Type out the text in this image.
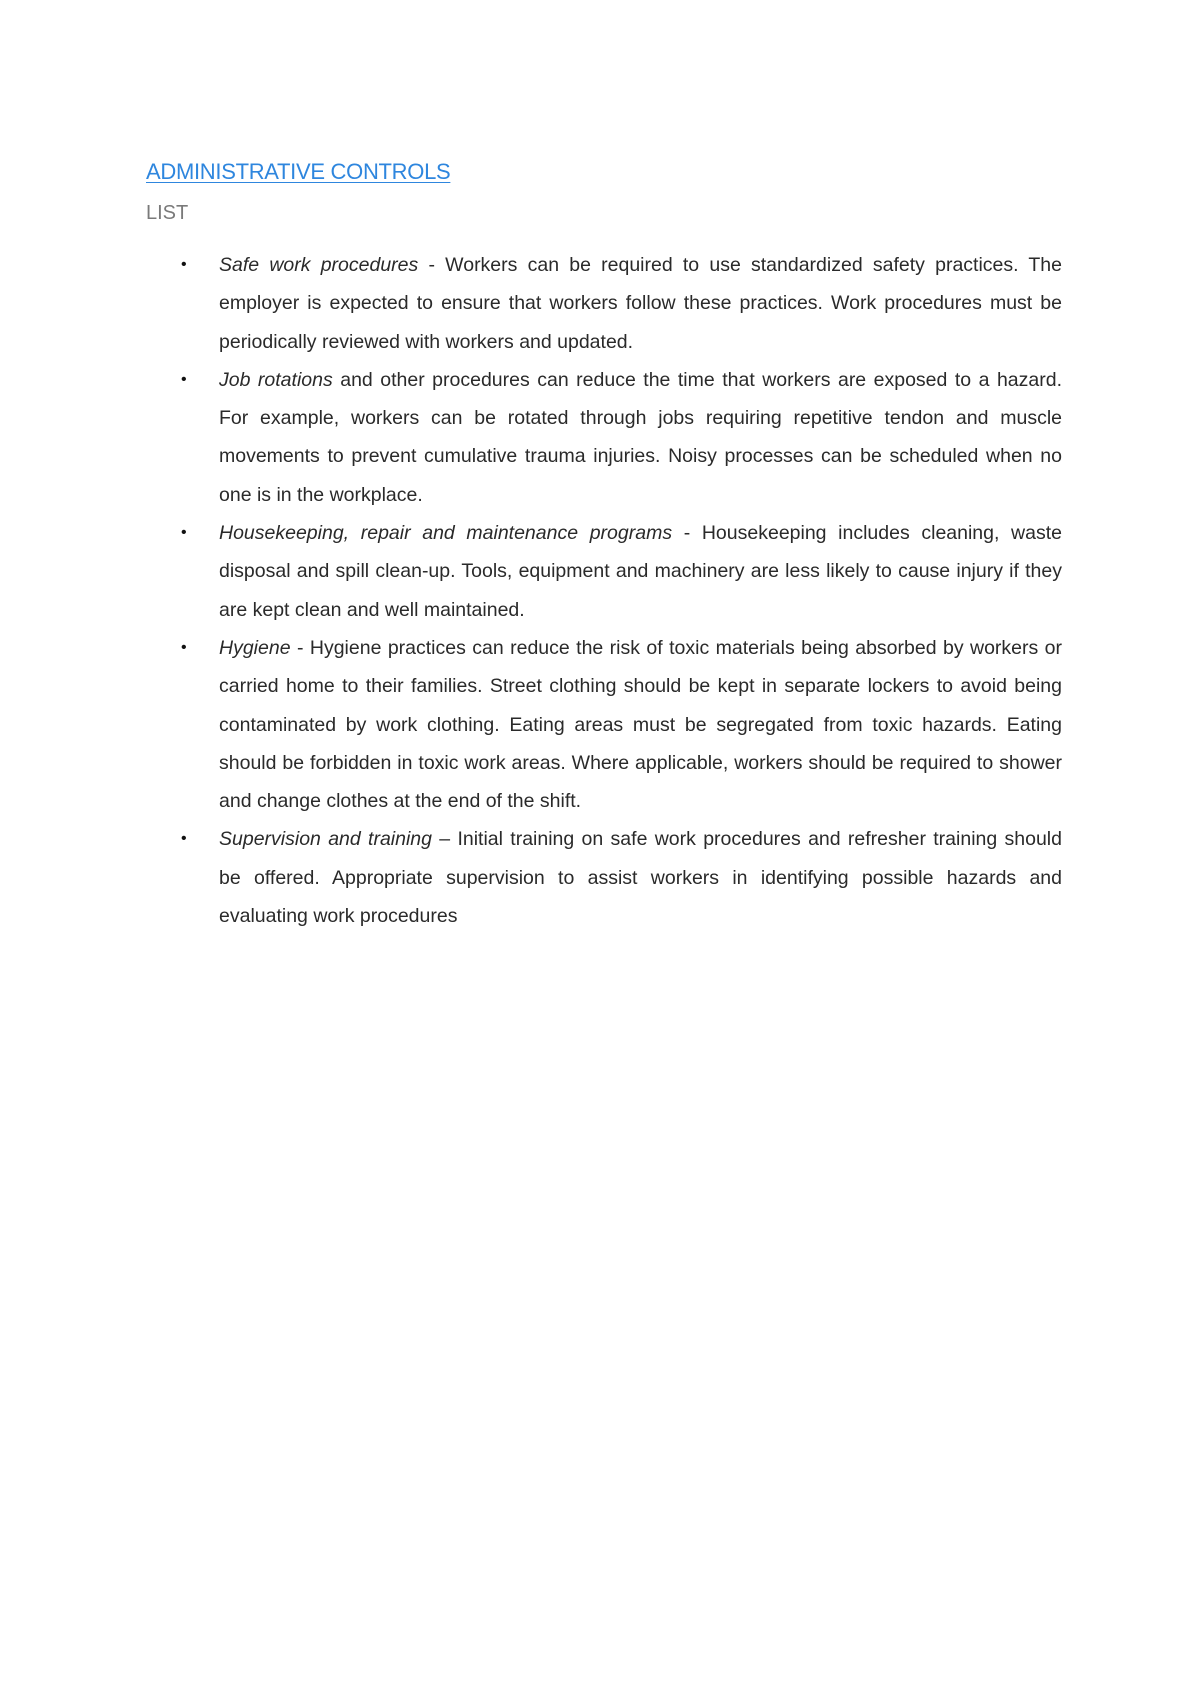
ADMINISTRATIVE CONTROLS
LIST
• Safe work procedures - Workers can be required to use standardized safety practices. The employer is expected to ensure that workers follow these practices. Work procedures must be periodically reviewed with workers and updated.
• Job rotations and other procedures can reduce the time that workers are exposed to a hazard. For example, workers can be rotated through jobs requiring repetitive tendon and muscle movements to prevent cumulative trauma injuries. Noisy processes can be scheduled when no one is in the workplace.
• Housekeeping, repair and maintenance programs - Housekeeping includes cleaning, waste disposal and spill clean-up. Tools, equipment and machinery are less likely to cause injury if they are kept clean and well maintained.
• Hygiene - Hygiene practices can reduce the risk of toxic materials being absorbed by workers or carried home to their families. Street clothing should be kept in separate lockers to avoid being contaminated by work clothing. Eating areas must be segregated from toxic hazards. Eating should be forbidden in toxic work areas. Where applicable, workers should be required to shower and change clothes at the end of the shift.
• Supervision and training – Initial training on safe work procedures and refresher training should be offered. Appropriate supervision to assist workers in identifying possible hazards and evaluating work procedures
